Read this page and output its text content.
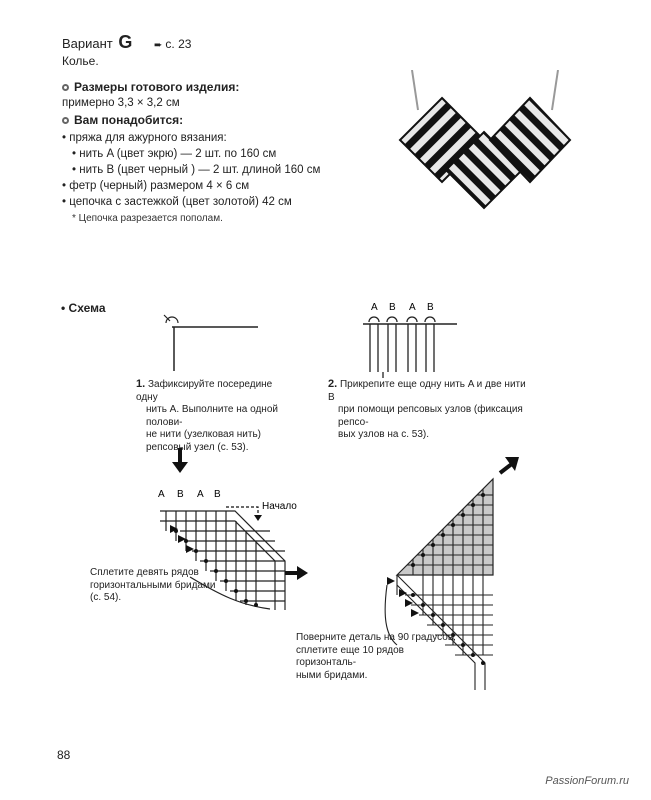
Вариант G ➨ с. 23
Колье.
Размеры готового изделия:
примерно 3,3 × 3,2 см
Вам понадобится:
• пряжа для ажурного вязания:
• нить A (цвет экрю) — 2 шт. по 160 см
• нить B (цвет черный ) — 2 шт. длиной 160 см
• фетр (черный) размером 4 × 6 см
• цепочка с застежкой (цвет золотой) 42 см
* Цепочка разрезается пополам.
• Схема	A B A B
1. Зафиксируйте посередине одну
нить A. Выполните на одной полови-
не нити (узелковая нить)
репсовый узел (с. 53).
2. Прикрепите еще одну нить A и две нити B
при помощи репсовых узлов (фиксация репсо-
вых узлов на с. 53).
A B A B
Начало
Сплетите девять рядов
горизонтальными бридами
(с. 54).
Поверните деталь на 90 градусов,
сплетите еще 10 рядов горизонталь-
ными бридами.
88
PassionForum.ru
